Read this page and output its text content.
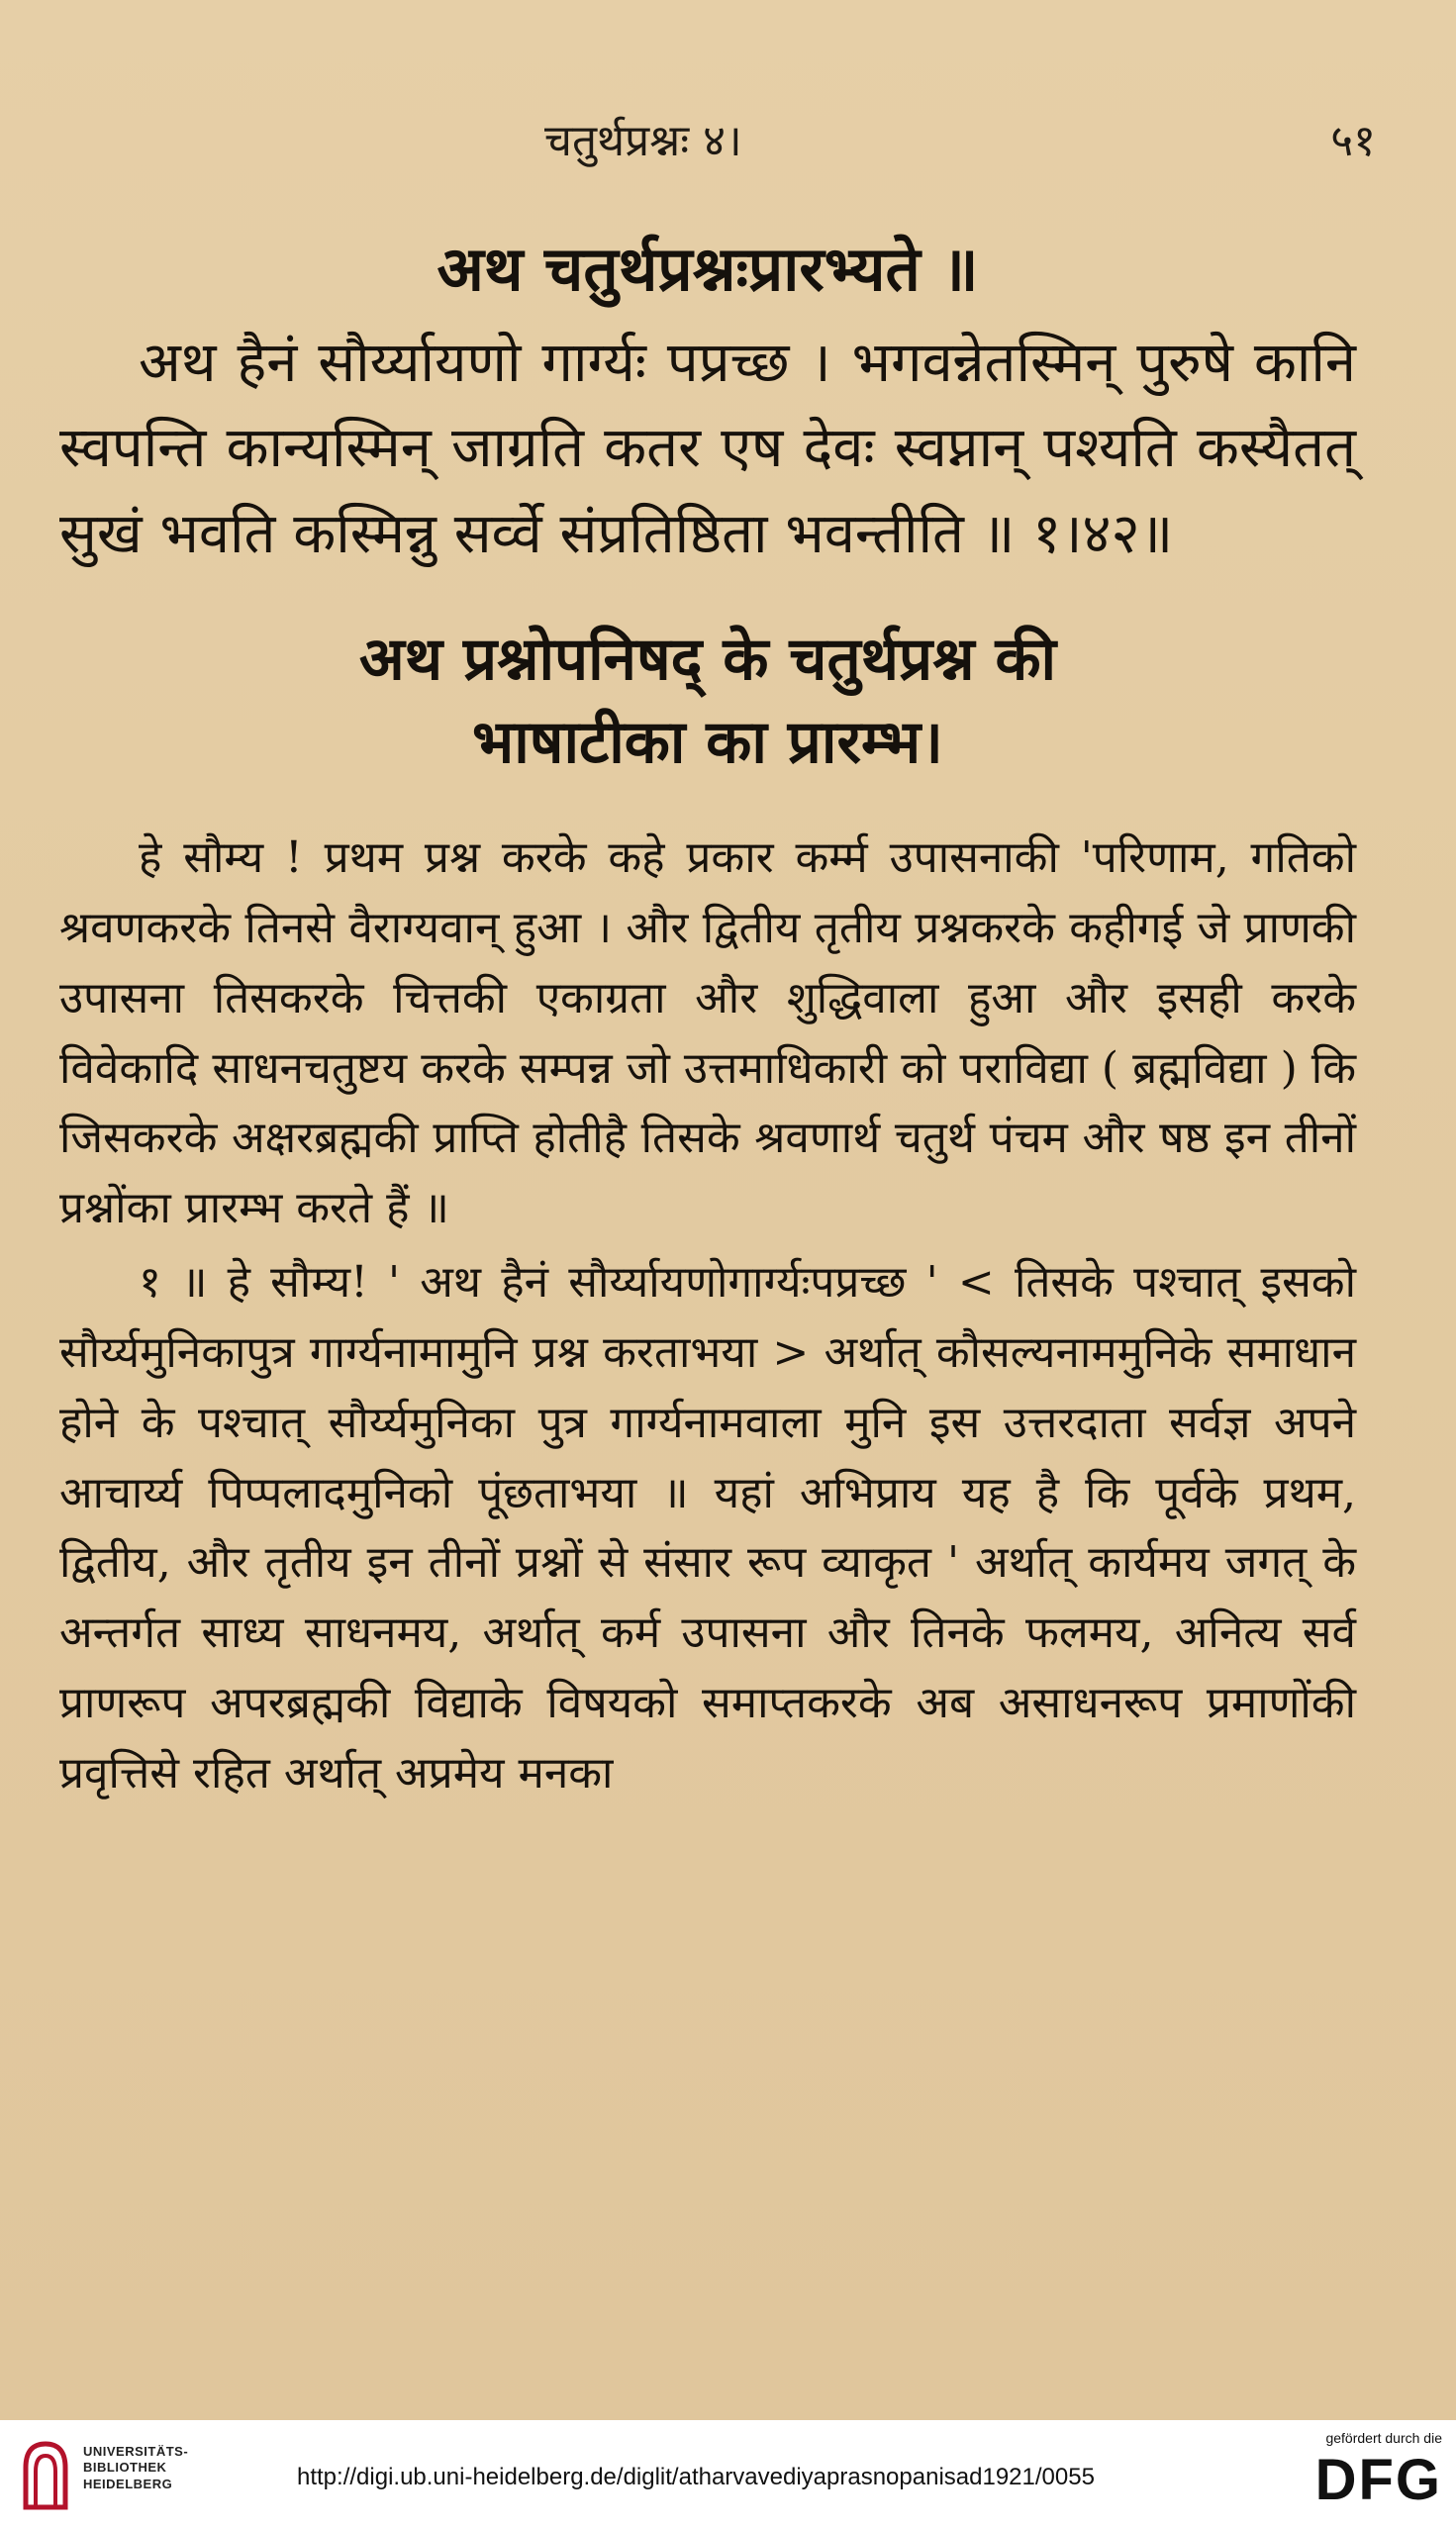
चतुर्थप्रश्नः ४।	५१
अथ चतुर्थप्रश्नःप्रारभ्यते ॥
अथ हैनं सौर्य्यायणो गार्ग्यः पप्रच्छ । भगवन्नेतस्मिन् पुरुषे कानि स्वपन्ति कान्यस्मिन् जाग्रति कतर एष देवः स्वप्नान् पश्यति कस्यैतत् सुखं भवति कस्मिन्नु सर्व्वे संप्रतिष्ठिता भवन्तीति ॥ १।४२॥
अथ प्रश्नोपनिषद् के चतुर्थप्रश्न की
भाषाटीका का प्रारम्भ।

हे सौम्य ! प्रथम प्रश्न करके कहे प्रकार कर्म्म उपासनाकी 'परिणाम, गतिको श्रवणकरके तिनसे वैराग्यवान् हुआ । और द्वितीय तृतीय प्रश्नकरके कहीगई जे प्राणकी उपासना तिसकरके चित्तकी एकाग्रता और शुद्धिवाला हुआ और इसही करके विवेकादि साधनचतुष्टय करके सम्पन्न जो उत्तमाधिकारी को पराविद्या ( ब्रह्मविद्या ) कि जिसकरके अक्षरब्रह्मकी प्राप्ति होतीहै तिसके श्रवणार्थ चतुर्थ पंचम और षष्ठ इन तीनों प्रश्नोंका प्रारम्भ करते हैं ॥

१ ॥ हे सौम्य! ' अथ हैनं सौर्य्यायणोगार्ग्यःपप्रच्छ ' < तिसके पश्चात् इसको सौर्य्यमुनिकापुत्र गार्ग्यनामामुनि प्रश्न करताभया > अर्थात् कौसल्यनाममुनिके समाधान होने के पश्चात् सौर्य्यमुनिका पुत्र गार्ग्यनामवाला मुनि इस उत्तरदाता सर्वज्ञ अपने आचार्य्य पिप्पलादमुनिको पूंछताभया ॥ यहां अभिप्राय यह है कि पूर्वके प्रथम, द्वितीय, और तृतीय इन तीनों प्रश्नों से संसार रूप व्याकृत ' अर्थात् कार्यमय जगत् के अन्तर्गत साध्य साधनमय, अर्थात् कर्म उपासना और तिनके फलमय, अनित्य सर्व प्राणरूप अपरब्रह्मकी विद्याके विषयको समाप्तकरके अब असाधनरूप प्रमाणोंकी प्रवृत्तिसे रहित अर्थात् अप्रमेय मनका

UNIVERSITÄTS-
BIBLIOTHEK
HEIDELBERG	http://digi.ub.uni-heidelberg.de/diglit/atharvavediyaprasnopanisad1921/0055
gefördert durch die
DFG
